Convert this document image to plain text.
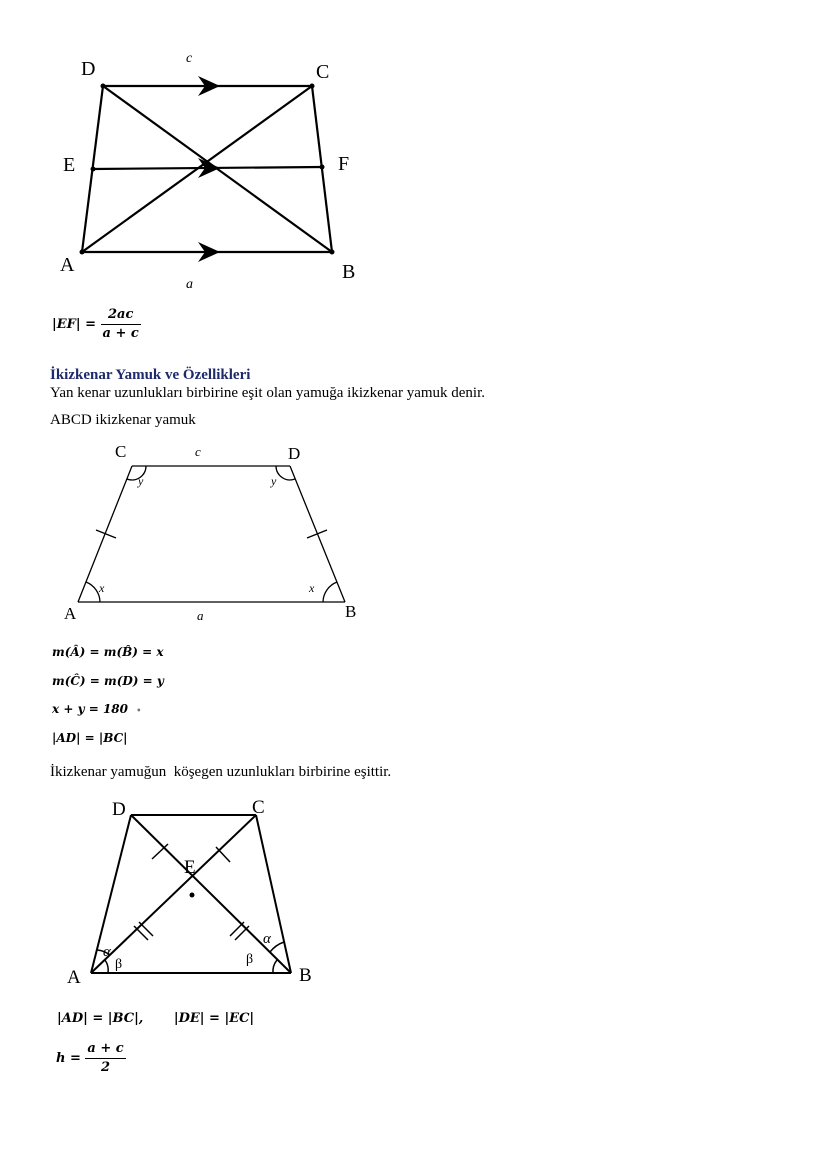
D	C
E	F
A	B
c
a
$|EF| = \frac{2ac}{a + c}$
İkizkenar Yamuk ve Özellikleri
Yan kenar uzunlukları birbirine eşit olan yamuğa ikizkenar yamuk denir.
ABCD ikizkenar yamuk
C	D
A	B
c
a
x	x
y	y
m(Â) = m(B̂) = x
m(Ĉ) = m(D) = y
x + y = 180 •
|AD| = |BC|
İkizkenar yamuğun  köşegen uzunlukları birbirine eşittir.
D	C
E
A	B
α
β
α
β
|AD| = |BC|, |DE| = |EC|
$h = \frac{a + c}{2}$
